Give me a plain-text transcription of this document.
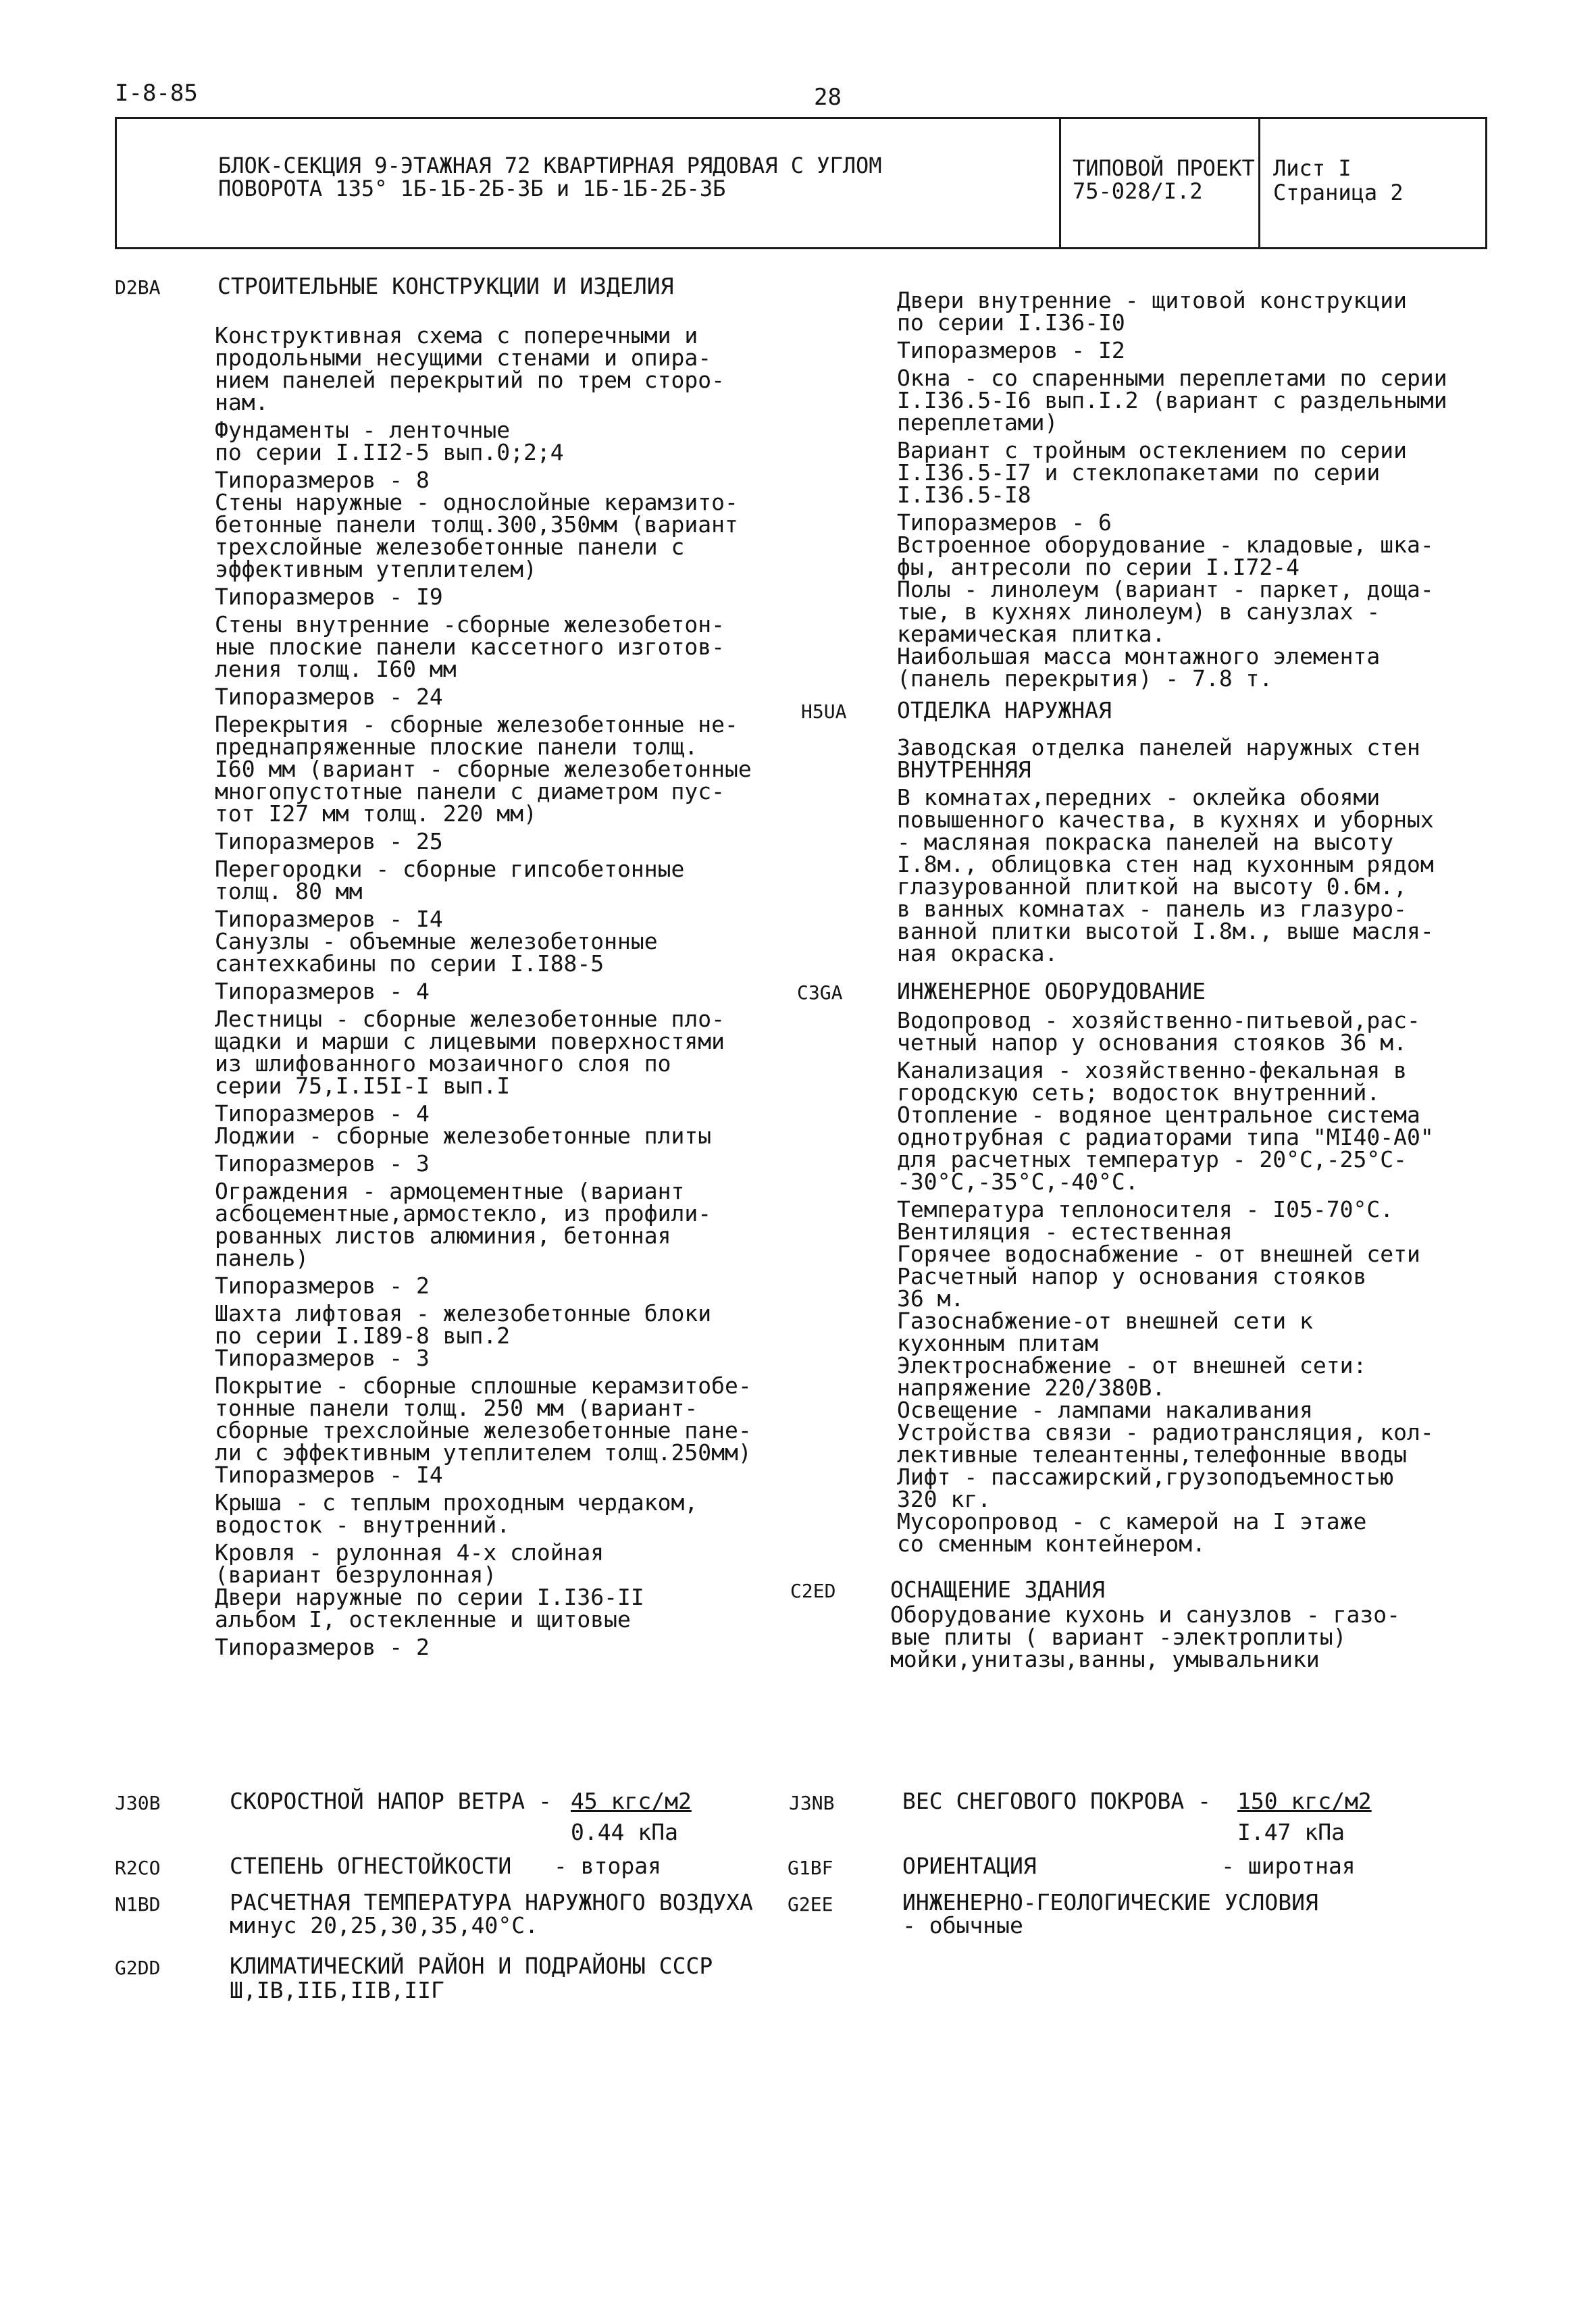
I-8-85	28
БЛОК-СЕКЦИЯ 9-ЭТАЖНАЯ 72 КВАРТИРНАЯ РЯДОВАЯ С УГЛОМ
ПОВОРОТА 135° 1Б-1Б-2Б-3Б и 1Б-1Б-2Б-3Б
ТИПОВОЙ ПРОЕКТ
75-028/I.2
Лист I
Страница 2
D2BA	СТРОИТЕЛЬНЫЕ КОНСТРУКЦИИ И ИЗДЕЛИЯ

Конструктивная схема с поперечными и
продольными несущими стенами и опира-
нием панелей перекрытий по трем сторо-
нам.

Фундаменты - ленточные
по серии I.II2-5 вып.0;2;4

Типоразмеров - 8
Стены наружные - однослойные керамзито-
бетонные панели толщ.300,350мм (вариант
трехслойные железобетонные панели с
эффективным утеплителем)

Типоразмеров - I9

Стены внутренние -сборные железобетон-
ные плоские панели кассетного изготов-
ления толщ. I60 мм

Типоразмеров - 24

Перекрытия - сборные железобетонные не-
преднапряженные плоские панели толщ.
I60 мм (вариант - сборные железобетонные
многопустотные панели с диаметром пус-
тот I27 мм толщ. 220 мм)

Типоразмеров - 25

Перегородки - сборные гипсобетонные
толщ. 80 мм

Типоразмеров - I4
Санузлы - объемные железобетонные
сантехкабины по серии I.I88-5

Типоразмеров - 4

Лестницы - сборные железобетонные пло-
щадки и марши с лицевыми поверхностями
из шлифованного мозаичного слоя по
серии 75,I.I5I-I вып.I

Типоразмеров - 4
Лоджии - сборные железобетонные плиты

Типоразмеров - 3

Ограждения - армоцементные (вариант
асбоцементные,армостекло, из профили-
рованных листов алюминия, бетонная
панель)

Типоразмеров - 2

Шахта лифтовая - железобетонные блоки
по серии I.I89-8 вып.2
Типоразмеров - 3

Покрытие - сборные сплошные керамзитобе-
тонные панели толщ. 250 мм (вариант-
сборные трехслойные железобетонные пане-
ли с эффективным утеплителем толщ.250мм)
Типоразмеров - I4

Крыша - с теплым проходным чердаком,
водосток - внутренний.

Кровля - рулонная 4-х слойная
(вариант безрулонная)
Двери наружные по серии I.I36-II
альбом I, остекленные и щитовые

Типоразмеров - 2

Двери внутренние - щитовой конструкции
по серии I.I36-I0

Типоразмеров - I2

Окна - со спаренными переплетами по серии
I.I36.5-I6 вып.I.2 (вариант с раздельными
переплетами)

Вариант с тройным остеклением по серии
I.I36.5-I7 и стеклопакетами по серии
I.I36.5-I8

Типоразмеров - 6
Встроенное оборудование - кладовые, шка-
фы, антресоли по серии I.I72-4
Полы - линолеум (вариант - паркет, доща-
тые, в кухнях линолеум) в санузлах -
керамическая плитка.
Наибольшая масса монтажного элемента
(панель перекрытия) - 7.8 т.

H5UA ОТДЕЛКА НАРУЖНАЯ

Заводская отделка панелей наружных стен
ВНУТРЕННЯЯ

В комнатах,передних - оклейка обоями
повышенного качества, в кухнях и уборных
- масляная покраска панелей на высоту
I.8м., облицовка стен над кухонным рядом
глазурованной плиткой на высоту 0.6м.,
в ванных комнатах - панель из глазуро-
ванной плитки высотой I.8м., выше масля-
ная окраска.

C3GA ИНЖЕНЕРНОЕ ОБОРУДОВАНИЕ

Водопровод - хозяйственно-питьевой,рас-
четный напор у основания стояков 36 м.

Канализация - хозяйственно-фекальная в
городскую сеть; водосток внутренний.
Отопление - водяное центральное система
однотрубная с радиаторами типа "МI40-А0"
для расчетных температур - 20°С,-25°С-
-30°С,-35°С,-40°С.

Температура теплоносителя - I05-70°С.
Вентиляция - естественная
Горячее водоснабжение - от внешней сети
Расчетный напор у основания стояков
36 м.
Газоснабжение-от внешней сети к
кухонным плитам
Электроснабжение - от внешней сети:
напряжение 220/380В.
Освещение - лампами накаливания
Устройства связи - радиотрансляция, кол-
лективные телеантенны,телефонные вводы
Лифт - пассажирский,грузоподъемностью
320 кг.
Мусоропровод - с камерой на I этаже
со сменным контейнером.

C2ED ОСНАЩЕНИЕ ЗДАНИЯ

Оборудование кухонь и санузлов - газо-
вые плиты ( вариант -электроплиты)
мойки,унитазы,ванны, умывальники

J30B	СКОРОСТНОЙ НАПОР ВЕТРА - 45 кгс/м2
0.44 кПа
J3NB	ВЕС СНЕГОВОГО ПОКРОВА - 150 кгс/м2
I.47 кПа
R2CO	СТЕПЕНЬ ОГНЕСТОЙКОСТИ - вторая	G1BF	ОРИЕНТАЦИЯ	- широтная
N1BD	РАСЧЕТНАЯ ТЕМПЕРАТУРА НАРУЖНОГО ВОЗДУХА
минус 20,25,30,35,40°С.
G2EE	ИНЖЕНЕРНО-ГЕОЛОГИЧЕСКИЕ УСЛОВИЯ
- обычные
G2DD	КЛИМАТИЧЕСКИЙ РАЙОН И ПОДРАЙОНЫ СССР
Ш,IВ,IIБ,IIВ,IIГ
